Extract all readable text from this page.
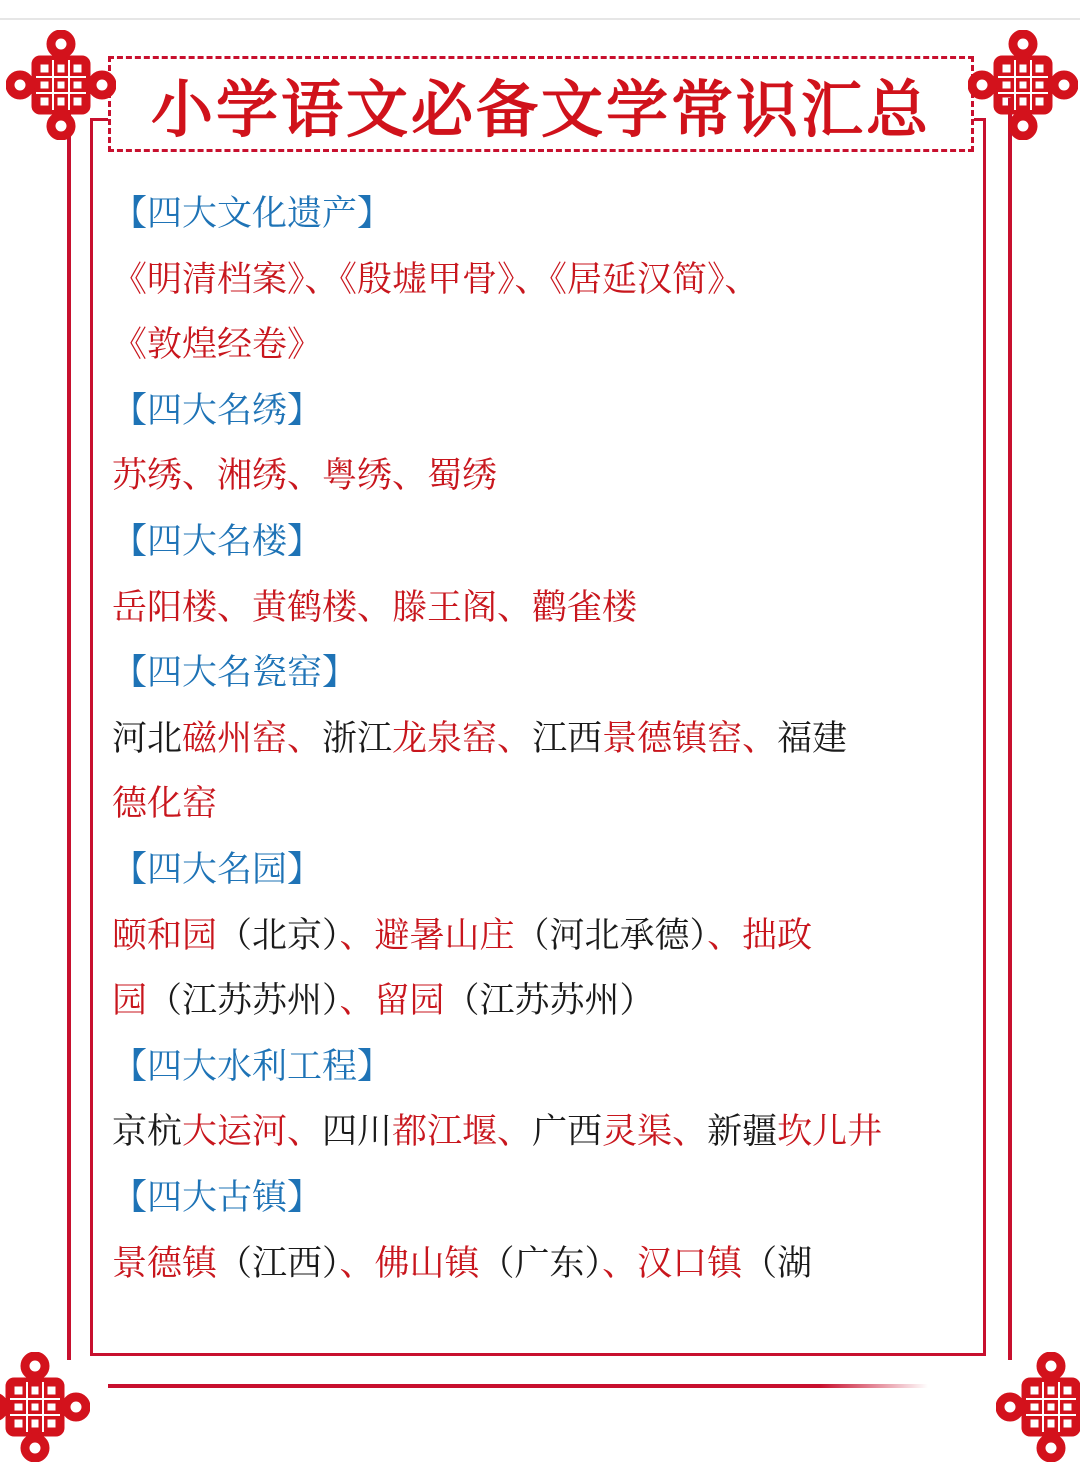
小学语文必备文学常识汇总
【四大文化遗产】
《明清档案》、《殷墟甲骨》、《居延汉简》、
《敦煌经卷》
【四大名绣】
苏绣、湘绣、粤绣、蜀绣
【四大名楼】
岳阳楼、黄鹤楼、滕王阁、鹳雀楼
【四大名瓷窑】
河北磁州窑、浙江龙泉窑、江西景德镇窑、福建
德化窑
【四大名园】
颐和园（北京）、避暑山庄（河北承德）、拙政
园（江苏苏州）、留园（江苏苏州）
【四大水利工程】
京杭大运河、四川都江堰、广西灵渠、新疆坎儿井
【四大古镇】
景德镇（江西）、佛山镇（广东）、汉口镇（湖
